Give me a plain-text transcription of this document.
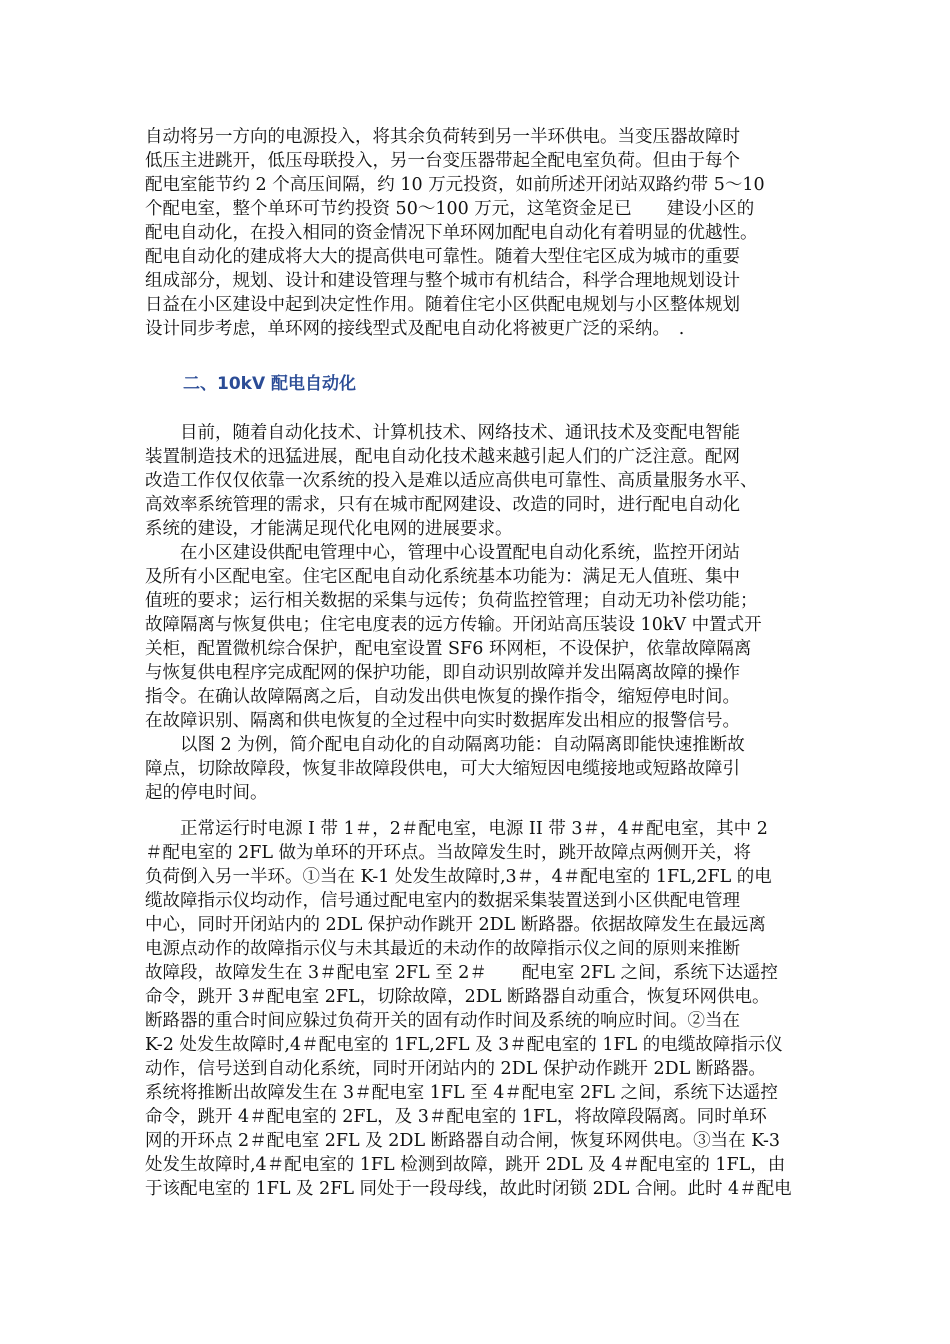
自动将另一方向的电源投入，将其余负荷转到另一半环供电。当变压器故障时
低压主进跳开，低压母联投入，另一台变压器带起全配电室负荷。但由于每个
配电室能节约 2 个高压间隔，约 10 万元投资，如前所述开闭站双路约带 5～10
个配电室，整个单环可节约投资 50～100 万元，这笔资金足已　　建设小区的
配电自动化，在投入相同的资金情况下单环网加配电自动化有着明显的优越性。
配电自动化的建成将大大的提高供电可靠性。随着大型住宅区成为城市的重要
组成部分，规划、设计和建设管理与整个城市有机结合，科学合理地规划设计
日益在小区建设中起到决定性作用。随着住宅小区供配电规划与小区整体规划
设计同步考虑，单环网的接线型式及配电自动化将被更广泛的采纳。　.
二、10kV 配电自动化
　　目前，随着自动化技术、计算机技术、网络技术、通讯技术及变配电智能
装置制造技术的迅猛进展，配电自动化技术越来越引起人们的广泛注意。配网
改造工作仅仅依靠一次系统的投入是难以适应高供电可靠性、高质量服务水平、
高效率系统管理的需求，只有在城市配网建设、改造的同时，进行配电自动化
系统的建设，才能满足现代化电网的进展要求。
　　在小区建设供配电管理中心，管理中心设置配电自动化系统，监控开闭站
及所有小区配电室。住宅区配电自动化系统基本功能为：满足无人值班、集中
值班的要求；运行相关数据的采集与远传；负荷监控管理；自动无功补偿功能；
故障隔离与恢复供电；住宅电度表的远方传输。开闭站高压装设 10kV 中置式开
关柜，配置微机综合保护，配电室设置 SF6 环网柜，不设保护，依靠故障隔离
与恢复供电程序完成配网的保护功能，即自动识别故障并发出隔离故障的操作
指令。在确认故障隔离之后，自动发出供电恢复的操作指令，缩短停电时间。
在故障识别、隔离和供电恢复的全过程中向实时数据库发出相应的报警信号。
　　以图 2 为例，简介配电自动化的自动隔离功能：自动隔离即能快速推断故
障点，切除故障段，恢复非故障段供电，可大大缩短因电缆接地或短路故障引
起的停电时间。
　　正常运行时电源 I 带 1＃，2＃配电室，电源 II 带 3＃，4＃配电室，其中 2
＃配电室的 2FL 做为单环的开环点。当故障发生时，跳开故障点两侧开关，将
负荷倒入另一半环。①当在 K-1 处发生故障时,3＃，4＃配电室的 1FL,2FL 的电
缆故障指示仪均动作，信号通过配电室内的数据采集装置送到小区供配电管理
中心，同时开闭站内的 2DL 保护动作跳开 2DL 断路器。依据故障发生在最远离
电源点动作的故障指示仪与未其最近的未动作的故障指示仪之间的原则来推断
故障段，故障发生在 3＃配电室 2FL 至 2＃　　配电室 2FL 之间，系统下达遥控
命令，跳开 3＃配电室 2FL，切除故障，2DL 断路器自动重合，恢复环网供电。
断路器的重合时间应躲过负荷开关的固有动作时间及系统的响应时间。②当在
K-2 处发生故障时,4＃配电室的 1FL,2FL 及 3＃配电室的 1FL 的电缆故障指示仪
动作，信号送到自动化系统，同时开闭站内的 2DL 保护动作跳开 2DL 断路器。
系统将推断出故障发生在 3＃配电室 1FL 至 4＃配电室 2FL 之间，系统下达遥控
命令，跳开 4＃配电室的 2FL，及 3＃配电室的 1FL，将故障段隔离。同时单环
网的开环点 2＃配电室 2FL 及 2DL 断路器自动合闸，恢复环网供电。③当在 K-3
处发生故障时,4＃配电室的 1FL 检测到故障，跳开 2DL 及 4＃配电室的 1FL，由
于该配电室的 1FL 及 2FL 同处于一段母线，故此时闭锁 2DL 合闸。此时 4＃配电
